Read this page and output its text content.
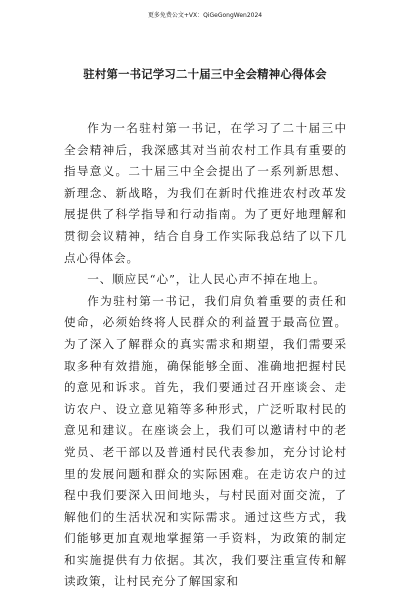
更多免费公文+VX：QiGeGongWen2024
驻村第一书记学习二十届三中全会精神心得体会

作为一名驻村第一书记，在学习了二十届三中全会精神后，我深感其对当前农村工作具有重要的指导意义。二十届三中全会提出了一系列新思想、新理念、新战略，为我们在新时代推进农村改革发展提供了科学指导和行动指南。为了更好地理解和贯彻会议精神，结合自身工作实际我总结了以下几点心得体会。

一、顺应民“心”，让人民心声不掉在地上。

作为驻村第一书记，我们肩负着重要的责任和使命，必须始终将人民群众的利益置于最高位置。为了深入了解群众的真实需求和期望，我们需要采取多种有效措施，确保能够全面、准确地把握村民的意见和诉求。首先，我们要通过召开座谈会、走访农户、设立意见箱等多种形式，广泛听取村民的意见和建议。在座谈会上，我们可以邀请村中的老党员、老干部以及普通村民代表参加，充分讨论村里的发展问题和群众的实际困难。在走访农户的过程中我们要深入田间地头，与村民面对面交流，了解他们的生活状况和实际需求。通过这些方式，我们能够更加直观地掌握第一手资料，为政策的制定和实施提供有力依据。其次，我们要注重宣传和解读政策，让村民充分了解国家和
